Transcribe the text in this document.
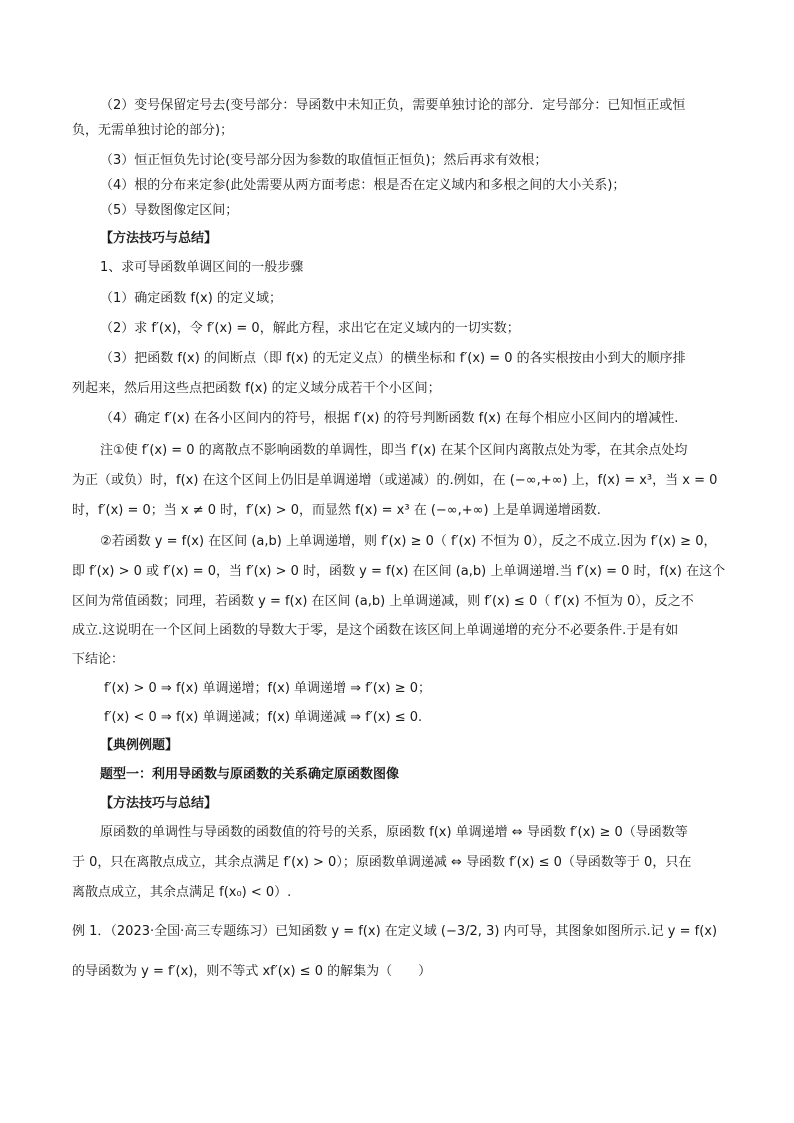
（2）变号保留定号去(变号部分：导函数中未知正负，需要单独讨论的部分．定号部分：已知恒正或恒
负，无需单独讨论的部分)；
（3）恒正恒负先讨论(变号部分因为参数的取值恒正恒负)；然后再求有效根；
（4）根的分布来定参(此处需要从两方面考虑：根是否在定义域内和多根之间的大小关系)；
（5）导数图像定区间；
【方法技巧与总结】
1、求可导函数单调区间的一般步骤
（1）确定函数 f(x) 的定义域；
（2）求 f′(x)，令 f′(x) = 0，解此方程，求出它在定义域内的一切实数；
（3）把函数 f(x) 的间断点（即 f(x) 的无定义点）的横坐标和 f′(x) = 0 的各实根按由小到大的顺序排
列起来，然后用这些点把函数 f(x) 的定义域分成若干个小区间；
（4）确定 f′(x) 在各小区间内的符号，根据 f′(x) 的符号判断函数 f(x) 在每个相应小区间内的增减性.
注①使 f′(x) = 0 的离散点不影响函数的单调性，即当 f′(x) 在某个区间内离散点处为零，在其余点处均
为正（或负）时，f(x) 在这个区间上仍旧是单调递增（或递减）的.例如，在 (−∞,+∞) 上，f(x) = x³，当 x = 0
时，f′(x) = 0；当 x ≠ 0 时，f′(x) > 0，而显然 f(x) = x³ 在 (−∞,+∞) 上是单调递增函数.
②若函数 y = f(x) 在区间 (a,b) 上单调递增，则 f′(x) ≥ 0（ f′(x) 不恒为 0），反之不成立.因为 f′(x) ≥ 0，
即 f′(x) > 0 或 f′(x) = 0，当 f′(x) > 0 时，函数 y = f(x) 在区间 (a,b) 上单调递增.当 f′(x) = 0 时，f(x) 在这个
区间为常值函数；同理，若函数 y = f(x) 在区间 (a,b) 上单调递减，则 f′(x) ≤ 0（ f′(x) 不恒为 0），反之不
成立.这说明在一个区间上函数的导数大于零，是这个函数在该区间上单调递增的充分不必要条件.于是有如
下结论：
f′(x) > 0 ⇒ f(x) 单调递增；f(x) 单调递增 ⇒ f′(x) ≥ 0；
f′(x) < 0 ⇒ f(x) 单调递减；f(x) 单调递减 ⇒ f′(x) ≤ 0.
【典例例题】
题型一：利用导函数与原函数的关系确定原函数图像
【方法技巧与总结】
原函数的单调性与导函数的函数值的符号的关系，原函数 f(x) 单调递增 ⇔ 导函数 f′(x) ≥ 0（导函数等
于 0，只在离散点成立，其余点满足 f′(x) > 0）；原函数单调递减 ⇔ 导函数 f′(x) ≤ 0（导函数等于 0，只在
离散点成立，其余点满足 f(x₀) < 0）.
例 1．（2023·全国·高三专题练习）已知函数 y = f(x) 在定义域 (−3/2, 3) 内可导，其图象如图所示.记 y = f(x)
的导函数为 y = f′(x)，则不等式 xf′(x) ≤ 0 的解集为（　　）
